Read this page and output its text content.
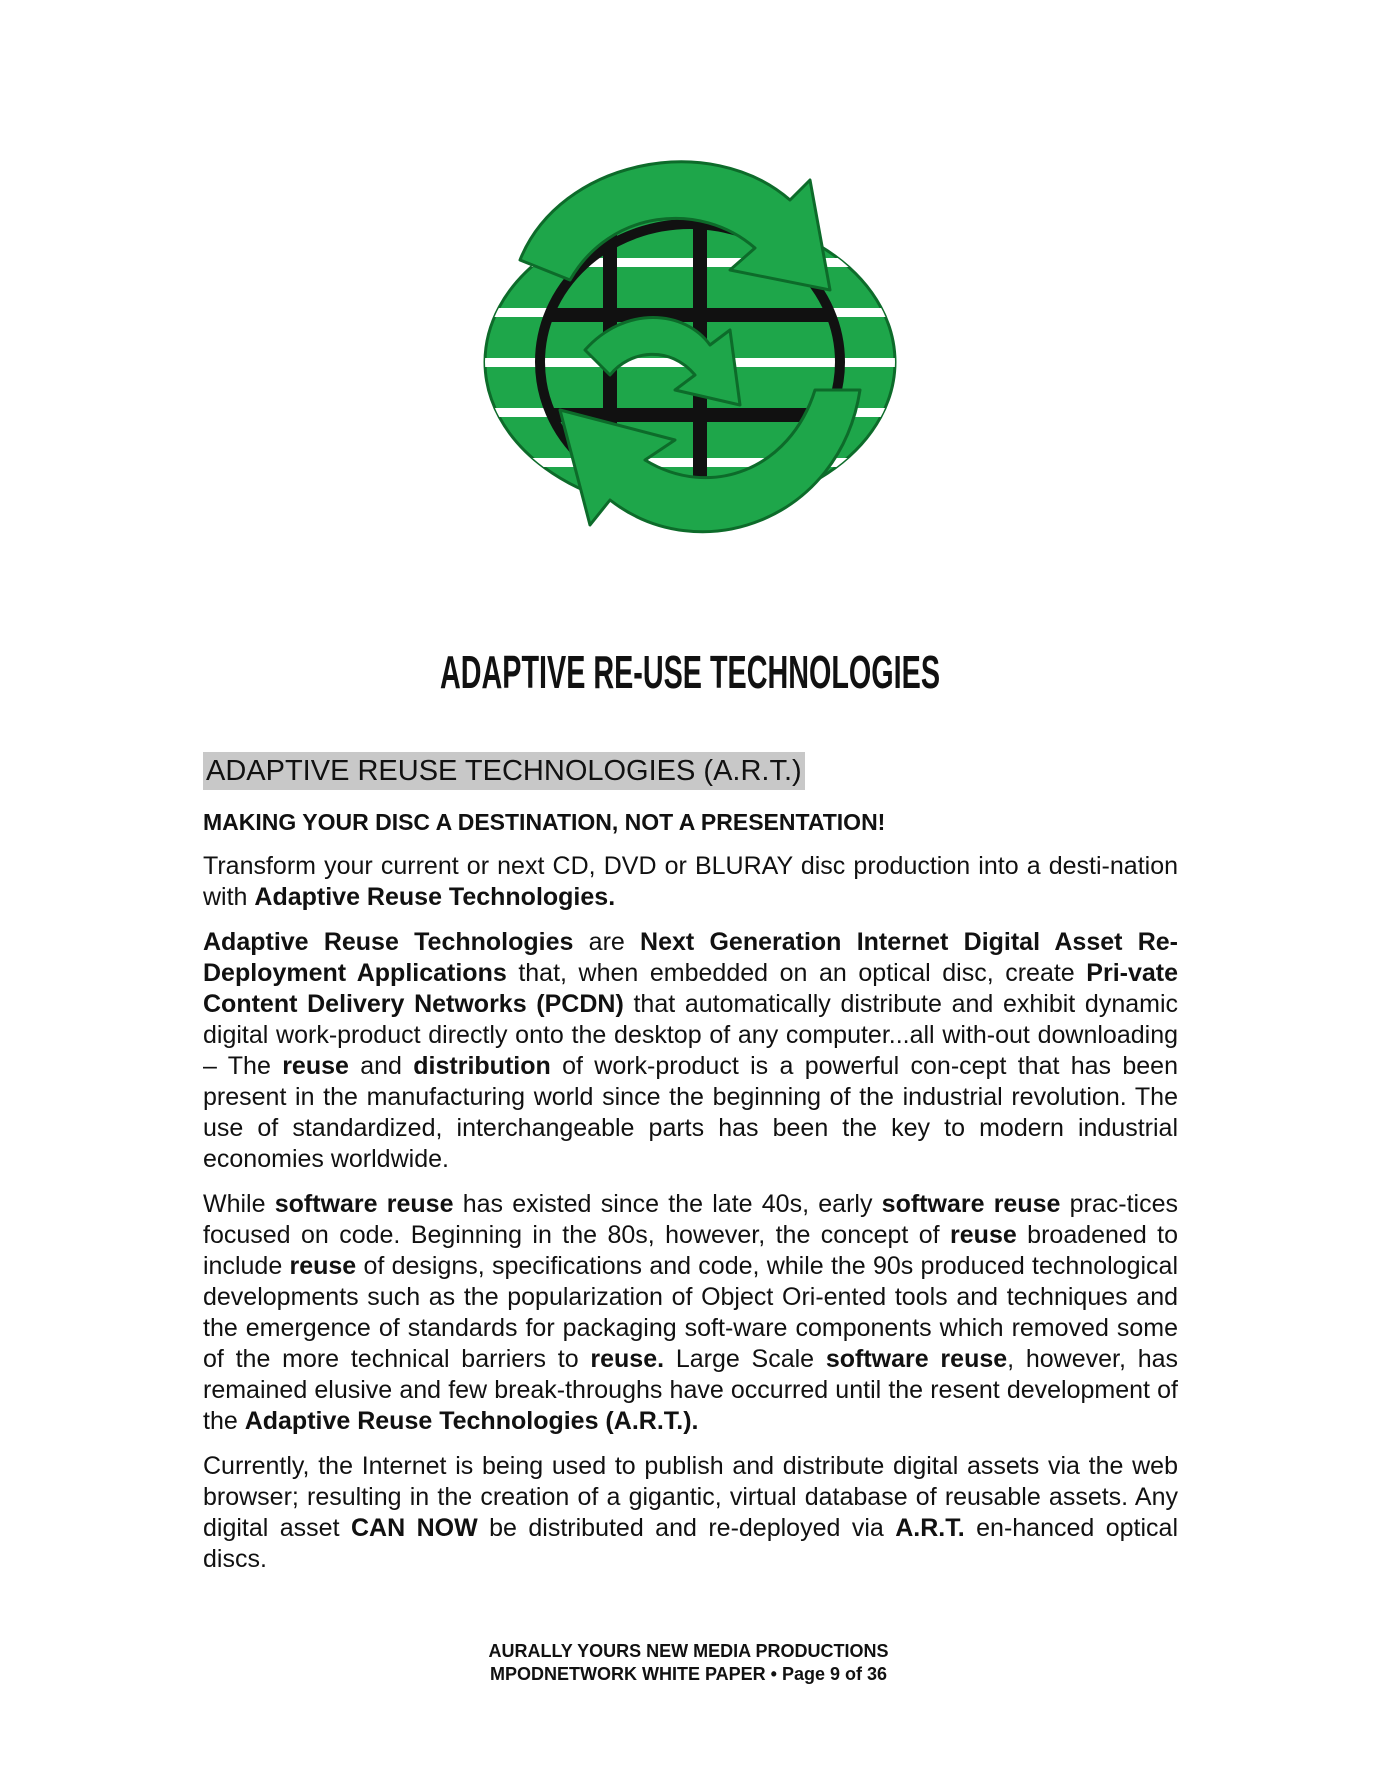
ADAPTIVE RE-USE TECHNOLOGIES
ADAPTIVE REUSE TECHNOLOGIES (A.R.T.)
MAKING YOUR DISC A DESTINATION, NOT A PRESENTATION!

Transform your current or next CD, DVD or BLURAY disc production into a desti-nation with Adaptive Reuse Technologies.

Adaptive Reuse Technologies are Next Generation Internet Digital Asset Re-Deployment Applications that, when embedded on an optical disc, create Pri-vate Content Delivery Networks (PCDN) that automatically distribute and exhibit dynamic digital work-product directly onto the desktop of any computer...all with-out downloading – The reuse and distribution of work-product is a powerful con-cept that has been present in the manufacturing world since the beginning of the industrial revolution. The use of standardized, interchangeable parts has been the key to modern industrial economies worldwide.

While software reuse has existed since the late 40s, early software reuse prac-tices focused on code. Beginning in the 80s, however, the concept of reuse broadened to include reuse of designs, specifications and code, while the 90s produced technological developments such as the popularization of Object Ori-ented tools and techniques and the emergence of standards for packaging soft-ware components which removed some of the more technical barriers to reuse. Large Scale software reuse, however, has remained elusive and few break-throughs have occurred until the resent development of the Adaptive Reuse Technologies (A.R.T.).

Currently, the Internet is being used to publish and distribute digital assets via the web browser; resulting in the creation of a gigantic, virtual database of reusable assets. Any digital asset CAN NOW be distributed and re-deployed via A.R.T. en-hanced optical discs.

AURALLY YOURS NEW MEDIA PRODUCTIONS
MPODNETWORK WHITE PAPER • Page 9 of 36
